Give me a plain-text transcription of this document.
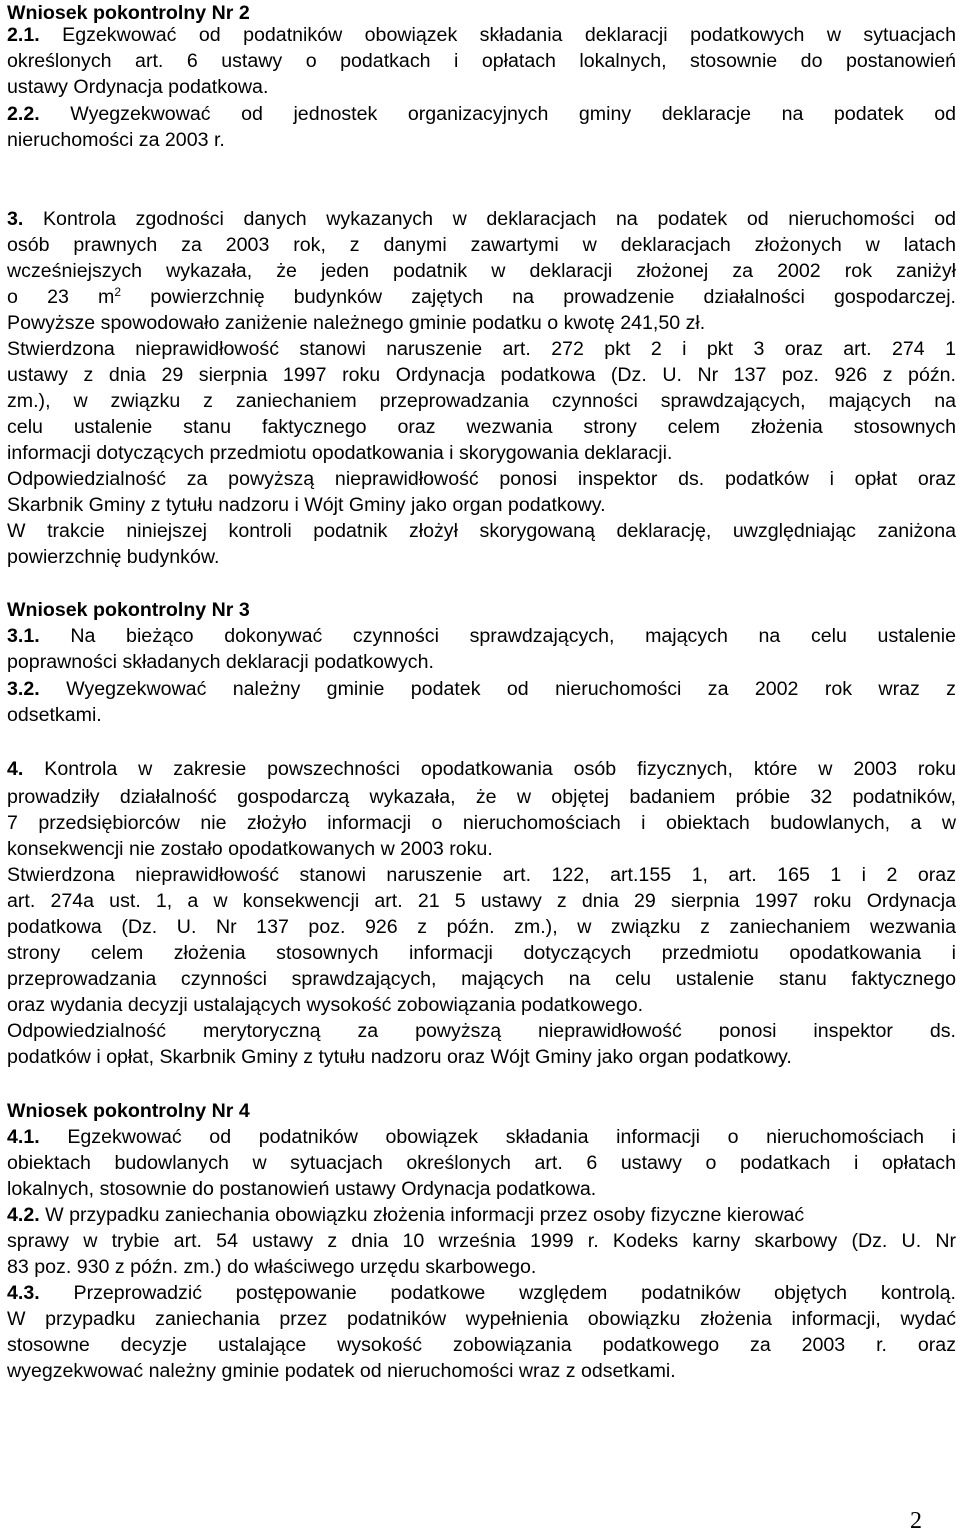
Wniosek pokontrolny Nr 2
2.1. Egzekwować od podatników obowiązek składania deklaracji podatkowych w sytuacjach
określonych art. 6 ustawy o podatkach i opłatach lokalnych, stosownie do postanowień
ustawy Ordynacja podatkowa.
2.2. Wyegzekwować od jednostek organizacyjnych gminy deklaracje na podatek od
nieruchomości za 2003 r.
3. Kontrola zgodności danych wykazanych w deklaracjach na podatek od nieruchomości od
osób prawnych za 2003 rok, z danymi zawartymi w deklaracjach złożonych w latach
wcześniejszych wykazała, że jeden podatnik w deklaracji złożonej za 2002 rok zaniżył
o 23 $m^2$ powierzchnię budynków zajętych na prowadzenie działalności gospodarczej.
Powyższe spowodowało zaniżenie należnego gminie podatku o kwotę 241,50 zł.
Stwierdzona nieprawidłowość stanowi naruszenie art. 272 pkt 2 i pkt 3 oraz art. 274 1
ustawy z dnia 29 sierpnia 1997 roku Ordynacja podatkowa (Dz. U. Nr 137 poz. 926 z późn.
zm.), w związku z zaniechaniem przeprowadzania czynności sprawdzających, mających na
celu ustalenie stanu faktycznego oraz wezwania strony celem złożenia stosownych
informacji dotyczących przedmiotu opodatkowania i skorygowania deklaracji.
Odpowiedzialność za powyższą nieprawidłowość ponosi inspektor ds. podatków i opłat oraz
Skarbnik Gminy z tytułu nadzoru i Wójt Gminy jako organ podatkowy.
W trakcie niniejszej kontroli podatnik złożył skorygowaną deklarację, uwzględniając zaniżona
powierzchnię budynków.
Wniosek pokontrolny Nr 3
3.1. Na bieżąco dokonywać czynności sprawdzających, mających na celu ustalenie
poprawności składanych deklaracji podatkowych.
3.2. Wyegzekwować należny gminie podatek od nieruchomości za 2002 rok wraz z
odsetkami.
4. Kontrola w zakresie powszechności opodatkowania osób fizycznych, które w 2003 roku
prowadziły działalność gospodarczą wykazała, że w objętej badaniem próbie 32 podatników,
7 przedsiębiorców nie złożyło informacji o nieruchomościach i obiektach budowlanych, a w
konsekwencji nie zostało opodatkowanych w 2003 roku.
Stwierdzona nieprawidłowość stanowi naruszenie art. 122, art.155 1, art. 165 1 i 2 oraz
art. 274a ust. 1, a w konsekwencji art. 21 5 ustawy z dnia 29 sierpnia 1997 roku Ordynacja
podatkowa (Dz. U. Nr 137 poz. 926 z późn. zm.), w związku z zaniechaniem wezwania
strony celem złożenia stosownych informacji dotyczących przedmiotu opodatkowania i
przeprowadzania czynności sprawdzających, mających na celu ustalenie stanu faktycznego
oraz wydania decyzji ustalających wysokość zobowiązania podatkowego.
Odpowiedzialność merytoryczną za powyższą nieprawidłowość ponosi inspektor ds.
podatków i opłat, Skarbnik Gminy z tytułu nadzoru oraz Wójt Gminy jako organ podatkowy.
Wniosek pokontrolny Nr 4
4.1. Egzekwować od podatników obowiązek składania informacji o nieruchomościach i
obiektach budowlanych w sytuacjach określonych art. 6 ustawy o podatkach i opłatach
lokalnych, stosownie do postanowień ustawy Ordynacja podatkowa.
4.2. W przypadku zaniechania obowiązku złożenia informacji przez osoby fizyczne kierować
sprawy w trybie art. 54 ustawy z dnia 10 września 1999 r. Kodeks karny skarbowy (Dz. U. Nr
83 poz. 930 z późn. zm.) do właściwego urzędu skarbowego.
4.3. Przeprowadzić postępowanie podatkowe względem podatników objętych kontrolą.
W przypadku zaniechania przez podatników wypełnienia obowiązku złożenia informacji, wydać
stosowne decyzje ustalające wysokość zobowiązania podatkowego za 2003 r. oraz
wyegzekwować należny gminie podatek od nieruchomości wraz z odsetkami.
2
